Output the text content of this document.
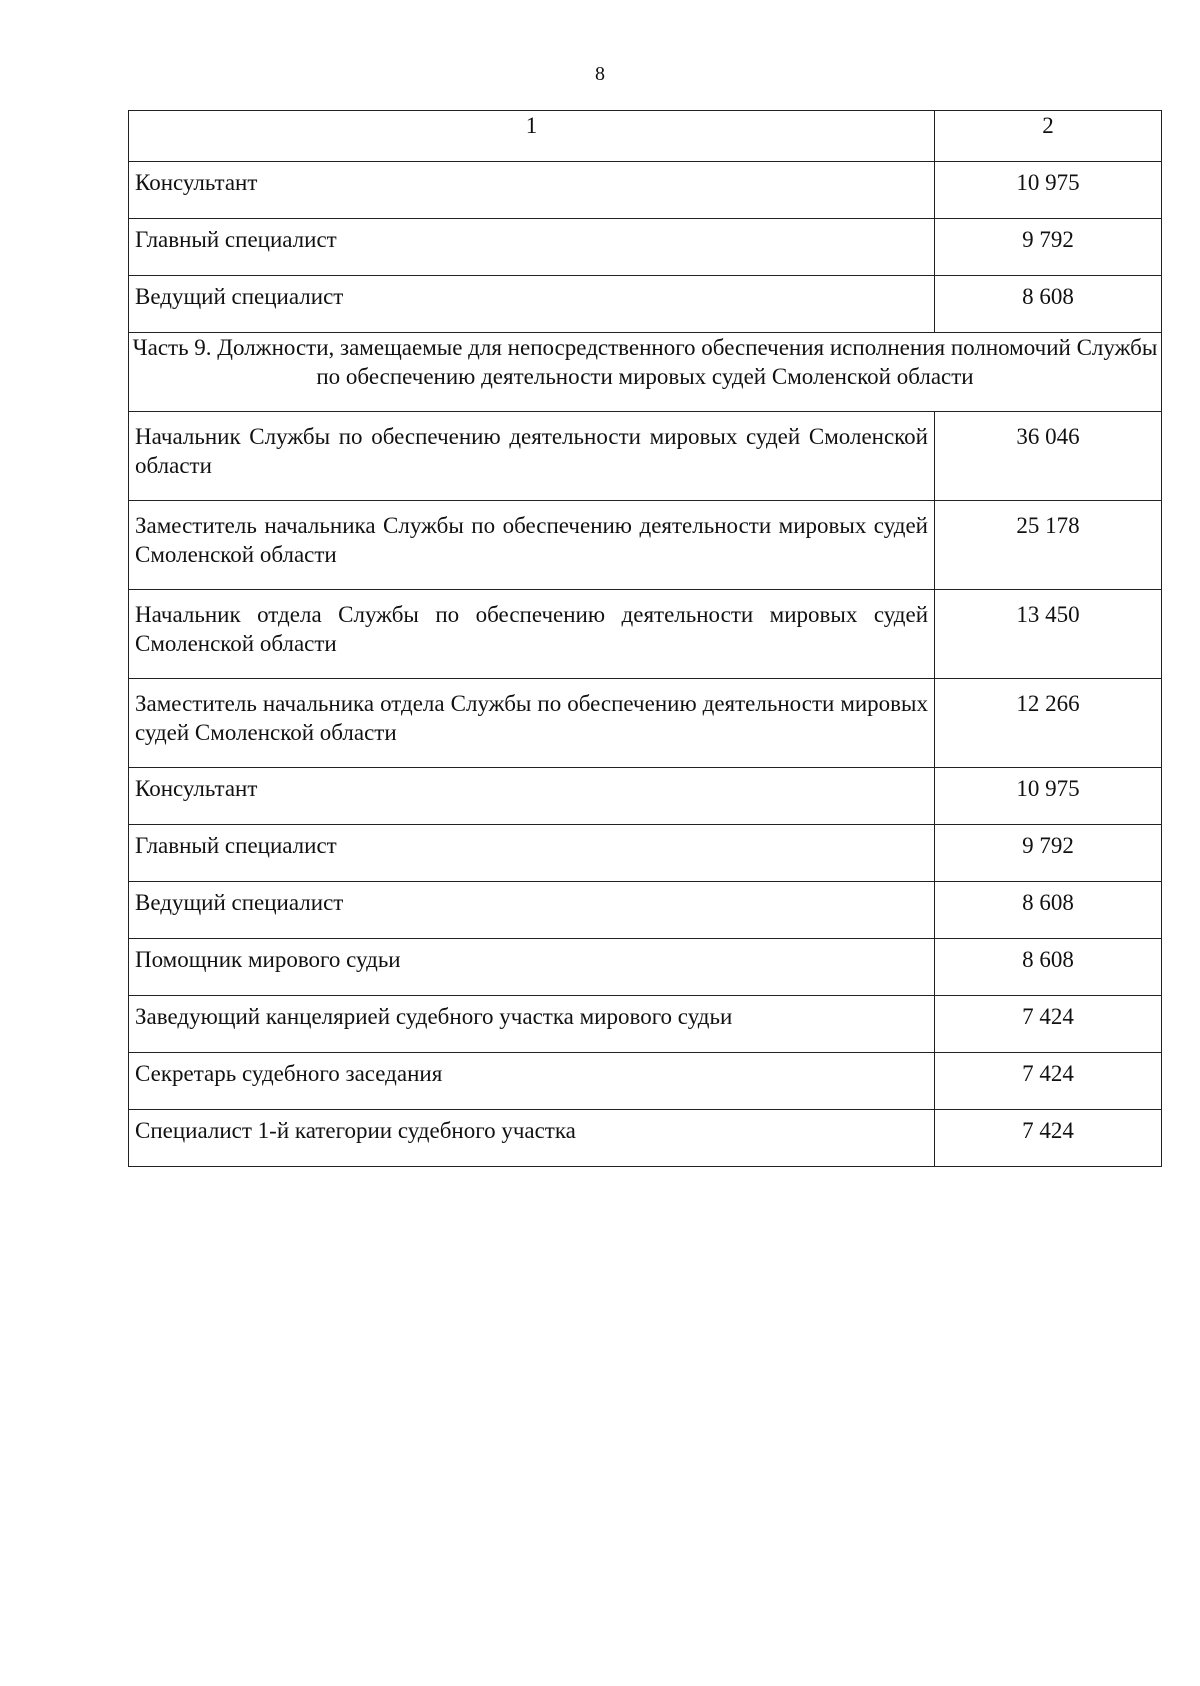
8
1	2
Консультант	10 975
Главный специалист	9 792
Ведущий специалист	8 608
Часть 9. Должности, замещаемые для непосредственного обеспечения исполнения полномочий Службы по обеспечению деятельности мировых судей Смоленской области	
Начальник Службы по обеспечению деятельности мировых судей Смоленской области	36 046
Заместитель начальника Службы по обеспечению деятельности мировых судей Смоленской области	25 178
Начальник отдела Службы по обеспечению деятельности мировых судей Смоленской области	13 450
Заместитель начальника отдела Службы по обеспечению деятельности мировых судей Смоленской области	12 266
Консультант	10 975
Главный специалист	9 792
Ведущий специалист	8 608
Помощник мирового судьи	8 608
Заведующий канцелярией судебного участка мирового судьи	7 424
Секретарь судебного заседания	7 424
Специалист 1-й категории судебного участка	7 424
